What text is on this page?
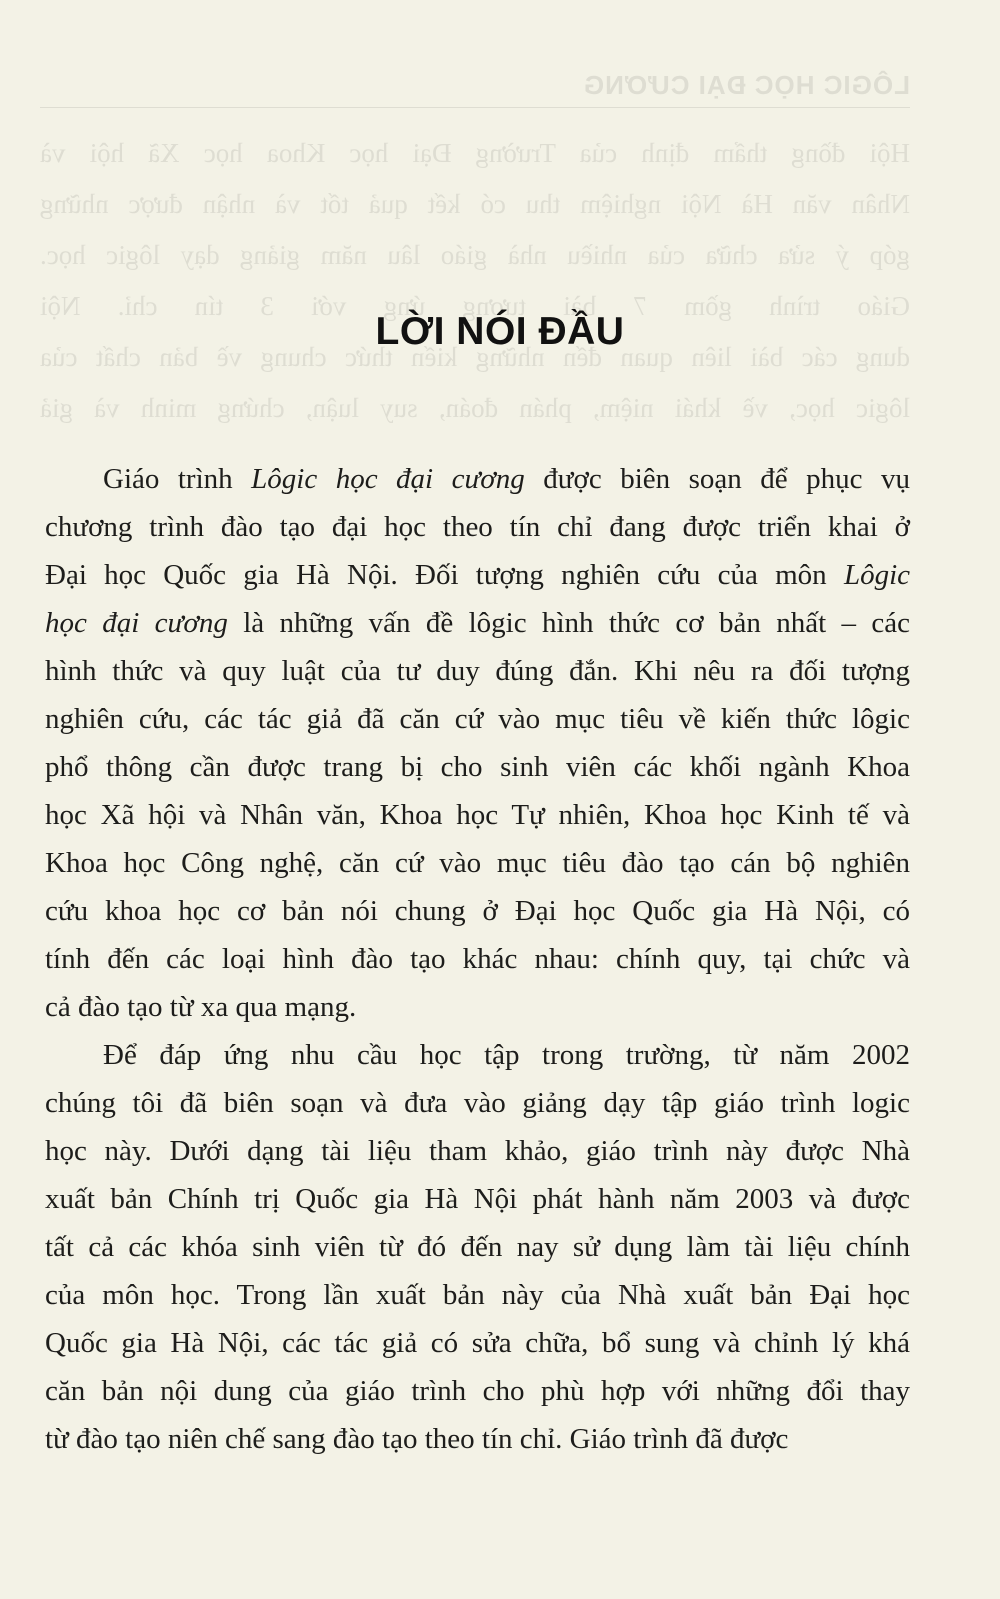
LÔGIC HỌC ĐẠI CƯƠNG
Hội đồng thẩm định của Trường Đại học Khoa học Xã hội và
Nhân văn Hà Nội nghiệm thu có kết quả tốt và nhận được những
góp ý sửa chữa của nhiều nhà giáo lâu năm giảng dạy lôgic học.
Giáo trình gồm 7 bài tương ứng với 3 tín chỉ. Nội
dung các bài liên quan đến những kiến thức chung về bản chất của
lôgic học, về khái niệm, phán đoán, suy luận, chứng minh và giả
LỜI NÓI ĐẦU
Giáo trình Lôgic học đại cương được biên soạn để phục vụ
chương trình đào tạo đại học theo tín chỉ đang được triển khai ở
Đại học Quốc gia Hà Nội. Đối tượng nghiên cứu của môn Lôgic
học đại cương là những vấn đề lôgic hình thức cơ bản nhất – các
hình thức và quy luật của tư duy đúng đắn. Khi nêu ra đối tượng
nghiên cứu, các tác giả đã căn cứ vào mục tiêu về kiến thức lôgic
phổ thông cần được trang bị cho sinh viên các khối ngành Khoa
học Xã hội và Nhân văn, Khoa học Tự nhiên, Khoa học Kinh tế và
Khoa học Công nghệ, căn cứ vào mục tiêu đào tạo cán bộ nghiên
cứu khoa học cơ bản nói chung ở Đại học Quốc gia Hà Nội, có
tính đến các loại hình đào tạo khác nhau: chính quy, tại chức và
cả đào tạo từ xa qua mạng.
Để đáp ứng nhu cầu học tập trong trường, từ năm 2002
chúng tôi đã biên soạn và đưa vào giảng dạy tập giáo trình logic
học này. Dưới dạng tài liệu tham khảo, giáo trình này được Nhà
xuất bản Chính trị Quốc gia Hà Nội phát hành năm 2003 và được
tất cả các khóa sinh viên từ đó đến nay sử dụng làm tài liệu chính
của môn học. Trong lần xuất bản này của Nhà xuất bản Đại học
Quốc gia Hà Nội, các tác giả có sửa chữa, bổ sung và chỉnh lý khá
căn bản nội dung của giáo trình cho phù hợp với những đổi thay
từ đào tạo niên chế sang đào tạo theo tín chỉ. Giáo trình đã được
